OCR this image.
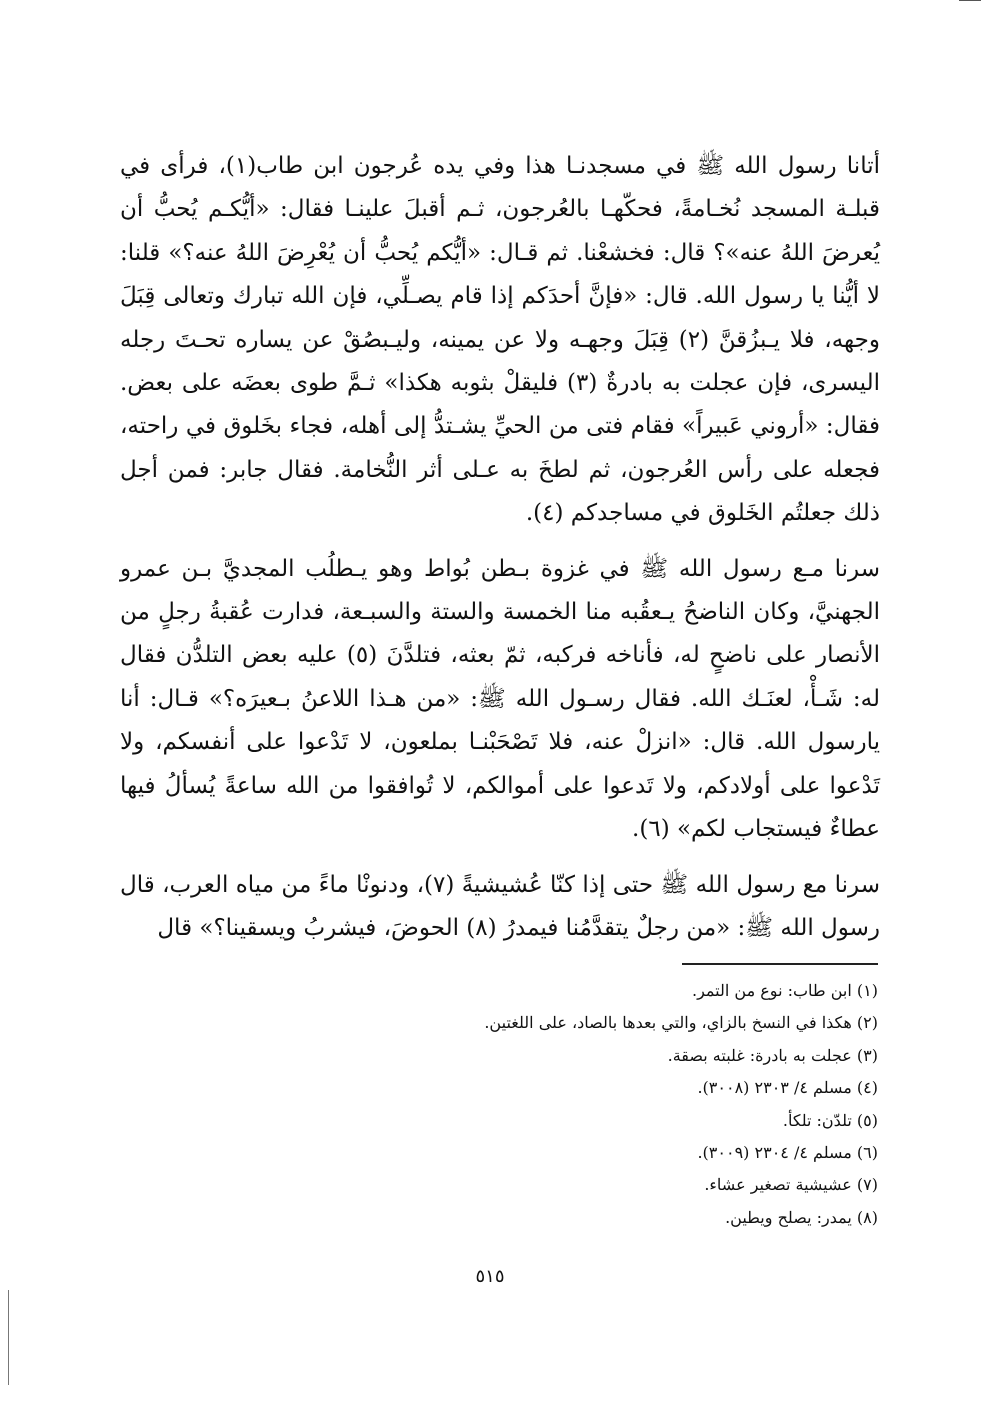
أتانا رسول الله ﷺ في مسجدنـا هذا وفي يده عُرجون ابن طاب(١)، فرأى في قبلـة المسجد نُخـامةً، فحكّهـا بالعُرجون، ثـم أقبلَ علينـا فقال: «أيُّكـم يُحبُّ أن يُعرضَ اللهُ عنه»؟ قال: فخشعْنا. ثم قـال: «أيُّكم يُحبُّ أن يُعْرِضَ اللهُ عنه؟» قلنا: لا أيُّنا يا رسول الله. قال: «فإنَّ أحدَكم إذا قام يصـلِّي، فإن الله تبارك وتعالى قِبَلَ وجهه، فلا يـبزُقنَّ (٢) قِبَلَ وجهـه ولا عن يمينه، وليـبصُقْ عن يساره تحـتَ رجله اليسرى، فإن عجلت به بادرةٌ (٣) فليقلْ بثوبه هكذا» ثـمَّ طوى بعضَه على بعض. فقال: «أروني عَبيراً» فقام فتى من الحيِّ يشـتدُّ إلى أهله، فجاء بخَلوق في راحته، فجعله على رأس العُرجون، ثم لطخَ به عـلى أثر النُّخامة. فقال جابر: فمن أجل ذلك جعلتُم الخَلوق في مساجدكم (٤).

سرنا مـع رسول الله ﷺ في غزوة بـطن بُواط وهو يـطلُب المجديَّ بـن عمرو الجهنيَّ، وكان الناضحُ يـعقُبه منا الخمسة والستة والسبـعة، فدارت عُقبةُ رجلٍ من الأنصار على ناضحٍ له، فأناخه فركبه، ثمّ بعثه، فتلدَّنَ (٥) عليه بعض التلدُّن فقال له: شَـأْ، لعنَـك الله. فقال رسـول الله ﷺ: «من هـذا اللاعنُ بـعيرَه؟» قـال: أنا يارسول الله. قال: «انزلْ عنه، فلا تَصْحَبْنـا بملعون، لا تَدْعوا على أنفسكم، ولا تَدْعوا على أولادكم، ولا تَدعوا على أموالكم، لا تُوافقوا من الله ساعةً يُسألُ فيها عطاءٌ فيستجاب لكم» (٦).

سرنا مع رسول الله ﷺ حتى إذا كنّا عُشيشيةً (٧)، ودنونْا ماءً من مياه العرب، قال رسول الله ﷺ: «من رجلٌ يتقدَّمُنا فيمدرُ (٨) الحوضَ، فيشربُ ويسقينا؟» قال

(١) ابن طاب: نوع من التمر.

(٢) هكذا في النسخ بالزاي، والتي بعدها بالصاد، على اللغتين.

(٣) عجلت به بادرة: غلبته بصقة.

(٤) مسلم ٤/ ٢٣٠٣ (٣٠٠٨).

(٥) تلدّن: تلكأ.

(٦) مسلم ٤/ ٢٣٠٤ (٣٠٠٩).

(٧) عشيشية تصغير عشاء.

(٨) يمدر: يصلح ويطين.

٥١٥
